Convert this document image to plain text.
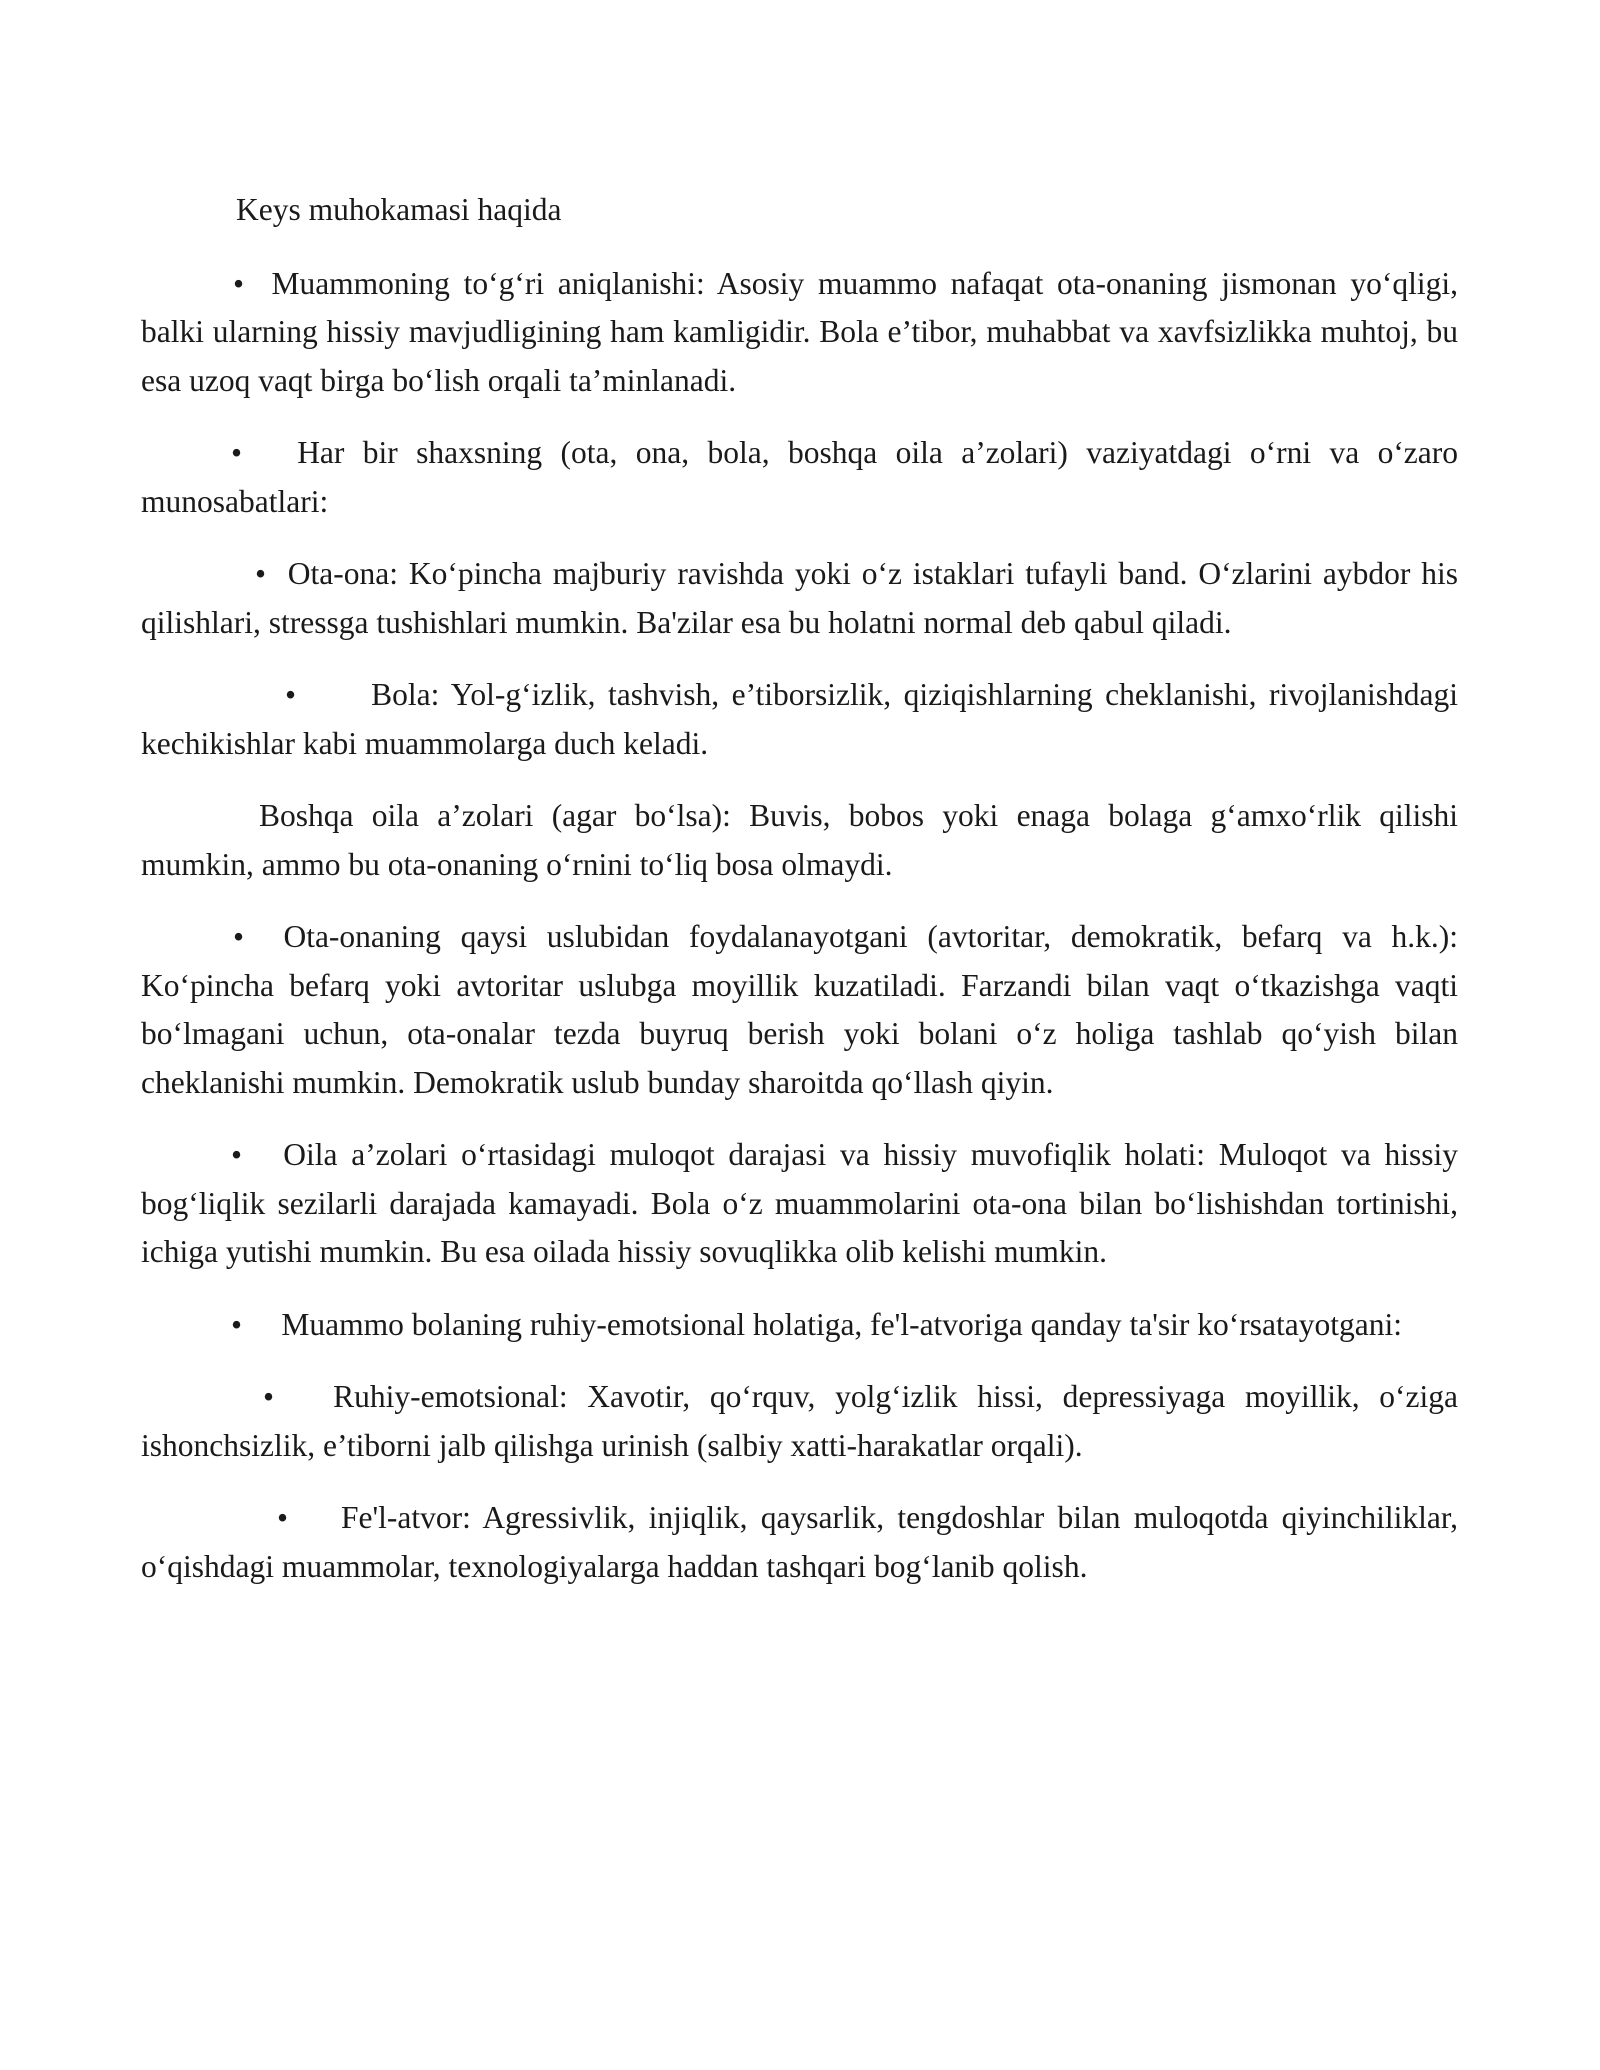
Keys muhokamasi haqida

• Muammoning to‘g‘ri aniqlanishi: Asosiy muammo nafaqat ota-onaning jismonan yo‘qligi, balki ularning hissiy mavjudligining ham kamligidir. Bola e’tibor, muhabbat va xavfsizlikka muhtoj, bu esa uzoq vaqt birga bo‘lish orqali ta’minlanadi.

• Har bir shaxsning (ota, ona, bola, boshqa oila a’zolari) vaziyatdagi o‘rni va o‘zaro munosabatlari:

• Ota-ona: Ko‘pincha majburiy ravishda yoki o‘z istaklari tufayli band. O‘zlarini aybdor his qilishlari, stressga tushishlari mumkin. Ba'zilar esa bu holatni normal deb qabul qiladi.

• Bola: Yol-g‘izlik, tashvish, e’tiborsizlik, qiziqishlarning cheklanishi, rivojlanishdagi kechikishlar kabi muammolarga duch keladi.

Boshqa oila a’zolari (agar bo‘lsa): Buvis, bobos yoki enaga bolaga g‘amxo‘rlik qilishi mumkin, ammo bu ota-onaning o‘rnini to‘liq bosa olmaydi.

• Ota-onaning qaysi uslubidan foydalanayotgani (avtoritar, demokratik, befarq va h.k.): Ko‘pincha befarq yoki avtoritar uslubga moyillik kuzatiladi. Farzandi bilan vaqt o‘tkazishga vaqti bo‘lmagani uchun, ota-onalar tezda buyruq berish yoki bolani o‘z holiga tashlab qo‘yish bilan cheklanishi mumkin. Demokratik uslub bunday sharoitda qo‘llash qiyin.

• Oila a’zolari o‘rtasidagi muloqot darajasi va hissiy muvofiqlik holati: Muloqot va hissiy bog‘liqlik sezilarli darajada kamayadi. Bola o‘z muammolarini ota-ona bilan bo‘lishishdan tortinishi, ichiga yutishi mumkin. Bu esa oilada hissiy sovuqlikka olib kelishi mumkin.

• Muammo bolaning ruhiy-emotsional holatiga, fe'l-atvoriga qanday ta'sir ko‘rsatayotgani:

• Ruhiy-emotsional: Xavotir, qo‘rquv, yolg‘izlik hissi, depressiyaga moyillik, o‘ziga ishonchsizlik, e’tiborni jalb qilishga urinish (salbiy xatti-harakatlar orqali).

• Fe'l-atvor: Agressivlik, injiqlik, qaysarlik, tengdoshlar bilan muloqotda qiyinchiliklar, o‘qishdagi muammolar, texnologiyalarga haddan tashqari bog‘lanib qolish.
